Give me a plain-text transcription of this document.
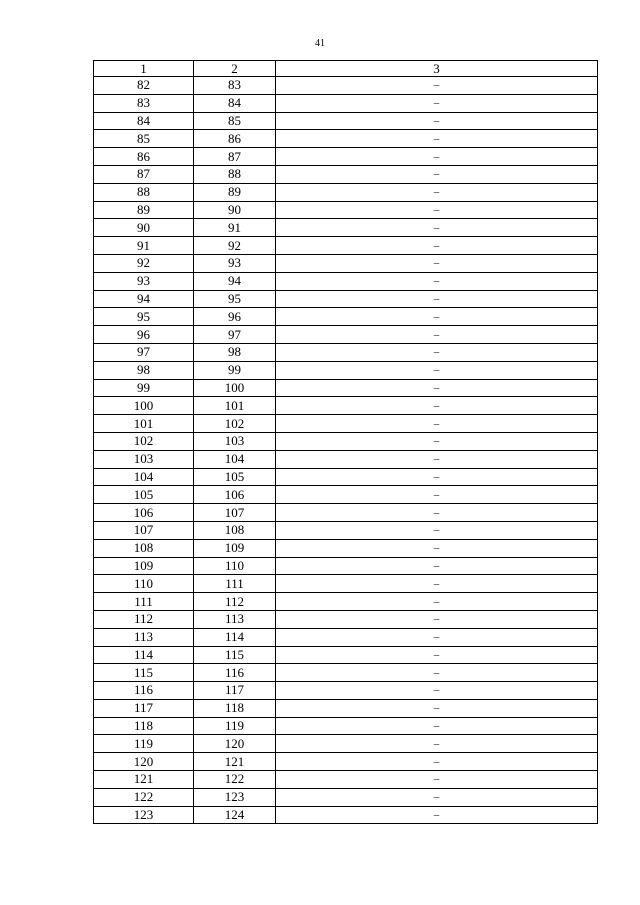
41
1	2	3
82	83	–
83	84	–
84	85	–
85	86	–
86	87	–
87	88	–
88	89	–
89	90	–
90	91	–
91	92	–
92	93	–
93	94	–
94	95	–
95	96	–
96	97	–
97	98	–
98	99	–
99	100	–
100	101	–
101	102	–
102	103	–
103	104	–
104	105	–
105	106	–
106	107	–
107	108	–
108	109	–
109	110	–
110	111	–
111	112	–
112	113	–
113	114	–
114	115	–
115	116	–
116	117	–
117	118	–
118	119	–
119	120	–
120	121	–
121	122	–
122	123	–
123	124	–
